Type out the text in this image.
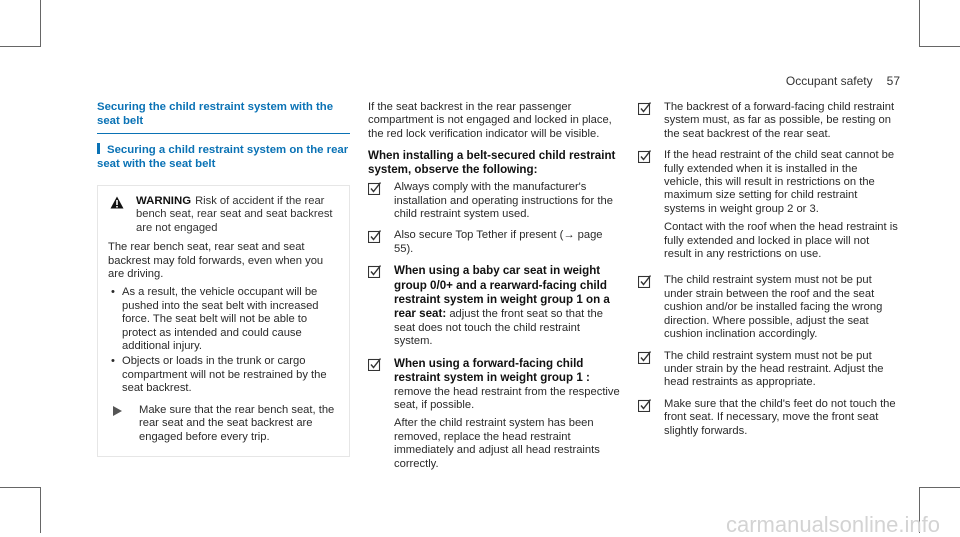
Occupant safety 57
Securing the child restraint system with the seat belt
Securing a child restraint system on the rear seat with the seat belt
WARNING Risk of accident if the rear bench seat, rear seat and seat backrest are not engaged

The rear bench seat, rear seat and seat backrest may fold forwards, even when you are driving.

• As a result, the vehicle occupant will be pushed into the seat belt with increased force. The seat belt will not be able to protect as intended and could cause additional injury.
• Objects or loads in the trunk or cargo compartment will not be restrained by the seat backrest.
Make sure that the rear bench seat, the rear seat and the seat backrest are engaged before every trip.

If the seat backrest in the rear passenger compartment is not engaged and locked in place, the red lock verification indicator will be visible.

When installing a belt-secured child restraint system, observe the following:
Always comply with the manufacturer's installation and operating instructions for the child restraint system used.
Also secure Top Tether if present (→ page 55).
When using a baby car seat in weight group 0/0+ and a rearward-facing child restraint system in weight group 1 on a rear seat: adjust the front seat so that the seat does not touch the child restraint system.

When using a forward-facing child restraint system in weight group 1 : remove the head restraint from the respective seat, if possible.

After the child restraint system has been removed, replace the head restraint immediately and adjust all head restraints correctly.

The backrest of a forward-facing child restraint system must, as far as possible, be resting on the seat backrest of the rear seat.

If the head restraint of the child seat cannot be fully extended when it is installed in the vehicle, this will result in restrictions on the maximum size setting for child restraint systems in weight group 2 or 3.

Contact with the roof when the head restraint is fully extended and locked in place will not result in any restrictions on use.

The child restraint system must not be put under strain between the roof and the seat cushion and/or be installed facing the wrong direction. Where possible, adjust the seat cushion inclination accordingly.
The child restraint system must not be put under strain by the head restraint. Adjust the head restraints as appropriate.
Make sure that the child's feet do not touch the front seat. If necessary, move the front seat slightly forwards.
carmanualsonline.info
